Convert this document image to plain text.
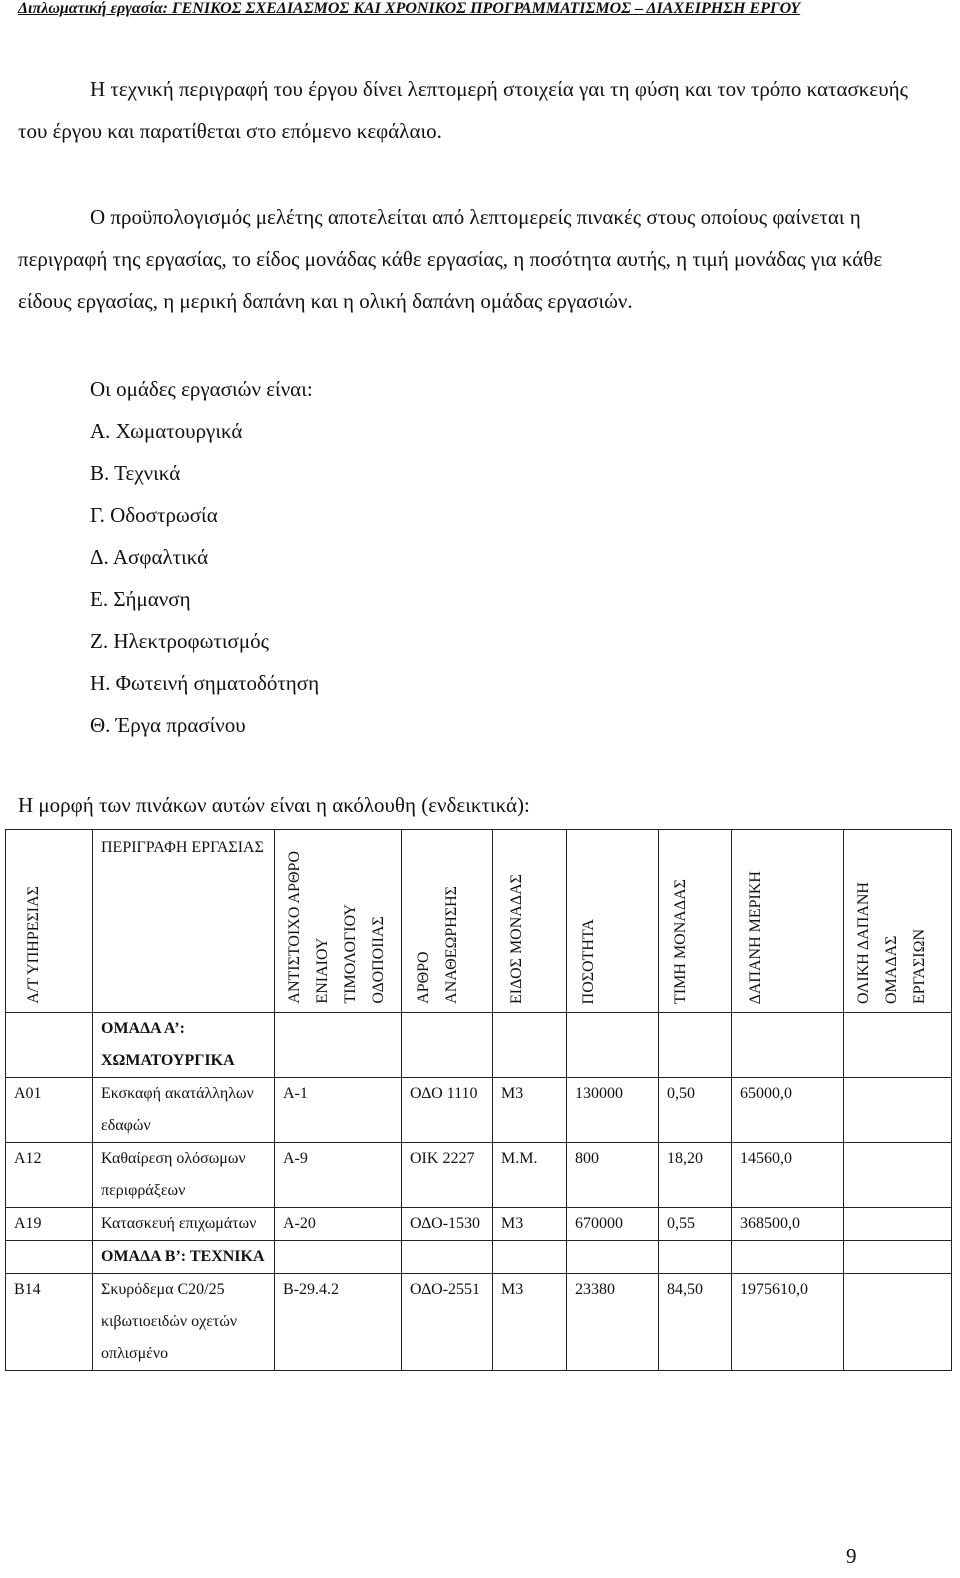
Διπλωματική εργασία: ΓΕΝΙΚΟΣ ΣΧΕΔΙΑΣΜΟΣ ΚΑΙ ΧΡΟΝΙΚΟΣ ΠΡΟΓΡΑΜΜΑΤΙΣΜΟΣ – ΔΙΑΧΕΙΡΗΣΗ ΕΡΓΟΥ

Η τεχνική περιγραφή του έργου δίνει λεπτομερή στοιχεία γαι τη φύση και τον τρόπο κατασκευής του έργου και παρατίθεται στο επόμενο κεφάλαιο.

Ο προϋπολογισμός μελέτης αποτελείται από λεπτομερείς πινακές στους οποίους φαίνεται η περιγραφή της εργασίας, το είδος μονάδας κάθε εργασίας, η ποσότητα αυτής, η τιμή μονάδας για κάθε είδους εργασίας, η μερική δαπάνη και η ολική δαπάνη ομάδας εργασιών.

Οι ομάδες εργασιών είναι:
Α. Χωματουργικά
Β. Τεχνικά
Γ. Οδοστρωσία
Δ. Ασφαλτικά
Ε. Σήμανση
Ζ. Ηλεκτροφωτισμός
Η. Φωτεινή σηματοδότηση
Θ. Έργα πρασίνου
Η μορφή των πινάκων αυτών είναι η ακόλουθη (ενδεικτικά):
Α/Τ ΥΠΗΡΕΣΙΑΣ	ΠΕΡΙΓΡΑΦΗ ΕΡΓΑΣΙΑΣ	ΑΝΤΙΣΤΟΙΧΟ ΑΡΘΡΟ
ΕΝΙΑΙΟΥ
ΤΙΜΟΛΟΓΙΟΥ
ΟΔΟΠΟΙΙΑΣ	ΑΡΘΡΟ
ΑΝΑΘΕΩΡΗΣΗΣ	ΕΙΔΟΣ ΜΟΝΑΔΑΣ	ΠΟΣΟΤΗΤΑ	ΤΙΜΗ ΜΟΝΑΔΑΣ	ΔΑΠΑΝΗ ΜΕΡΙΚΗ	ΟΛΙΚΗ ΔΑΠΑΝΗ
ΟΜΑΔΑΣ
ΕΡΓΑΣΙΩΝ

	ΟΜΑΔΑ Α’: ΧΩΜΑΤΟΥΡΓΙΚΑ							
Α01	Εκσκαφή ακατάλληλων εδαφών	Α-1	ΟΔΟ 1110	Μ3	130000	0,50	65000,0	
Α12	Καθαίρεση ολόσωμων περιφράξεων	Α-9	ΟΙΚ 2227	Μ.Μ.	800	18,20	14560,0	
Α19	Κατασκευή επιχωμάτων	Α-20	ΟΔΟ-1530	Μ3	670000	0,55	368500,0	
	ΟΜΑΔΑ Β’: ΤΕΧΝΙΚΑ							
Β14	Σκυρόδεμα C20/25 κιβωτιοειδών οχετών οπλισμένο	Β-29.4.2	ΟΔΟ-2551	Μ3	23380	84,50	1975610,0	
9
